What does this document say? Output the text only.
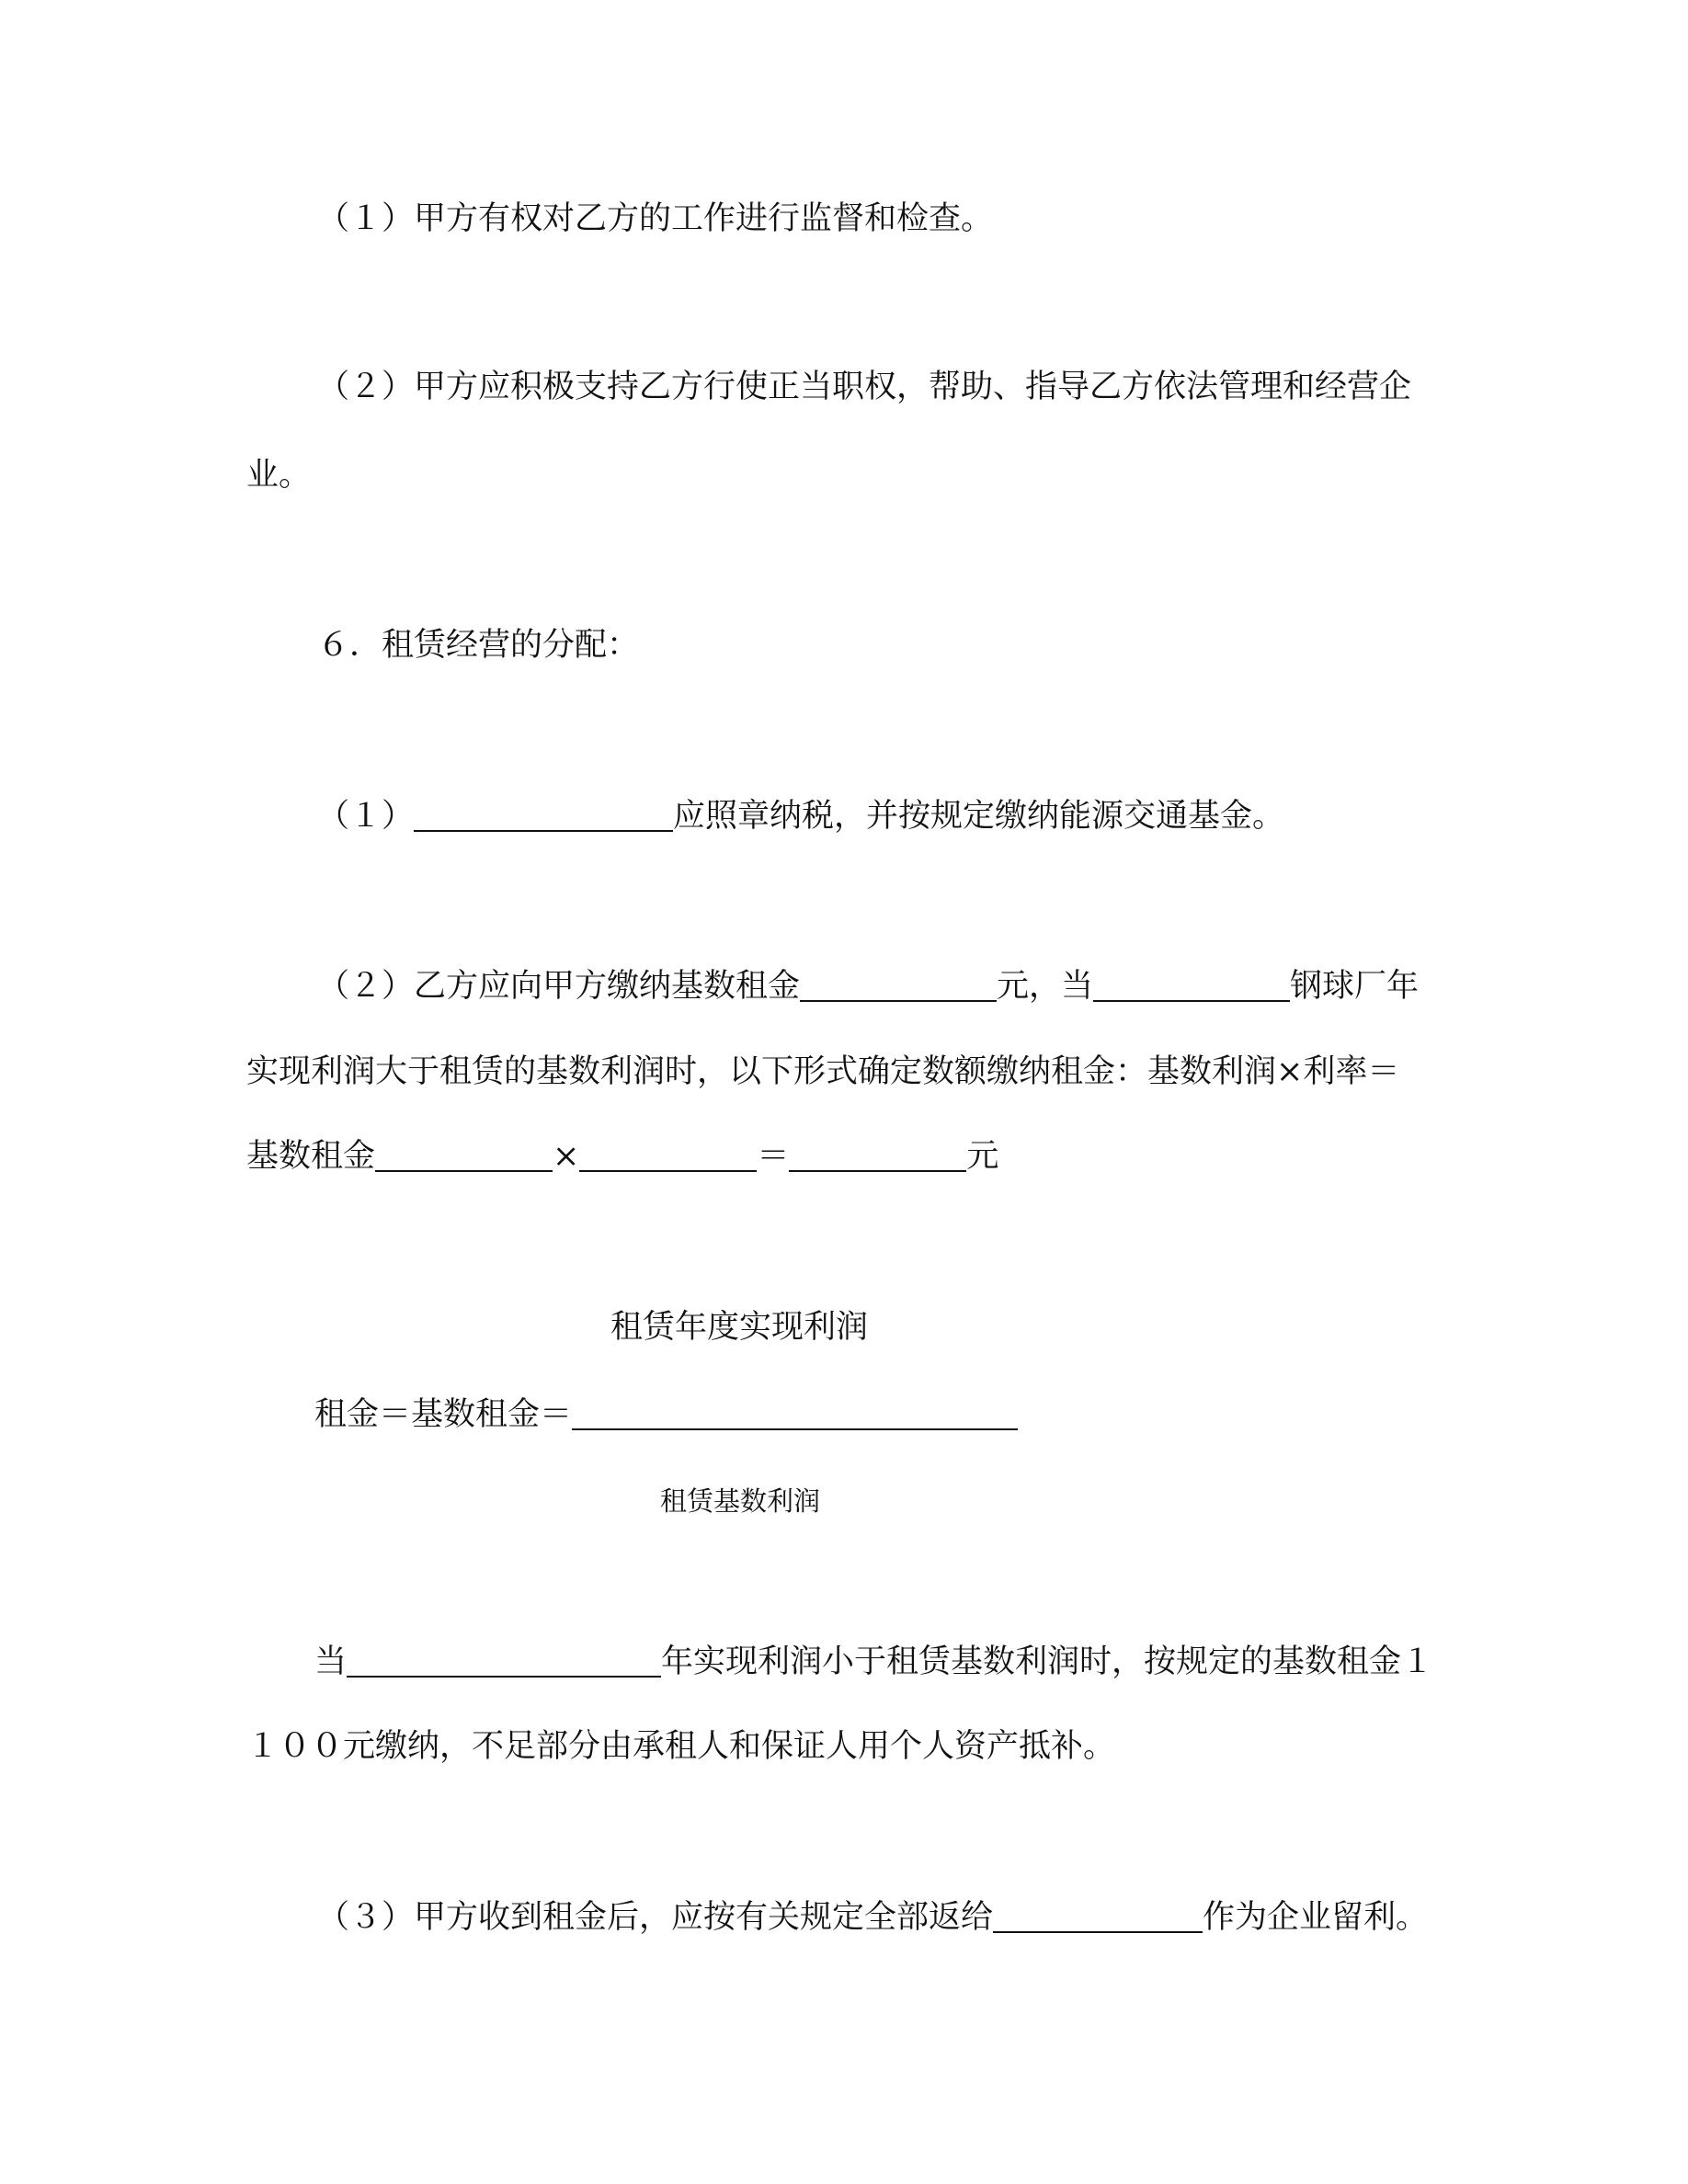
（１）甲方有权对乙方的工作进行监督和检查。
（２）甲方应积极支持乙方行使正当职权，帮助、指导乙方依法管理和经营企
业。
６．租赁经营的分配：
（１）	应照章纳税，并按规定缴纳能源交通基金。
（２）乙方应向甲方缴纳基数租金	元，当	钢球厂年
实现利润大于租赁的基数利润时，以下形式确定数额缴纳租金：基数利润×利率＝
基数租金	×	＝	元
租赁年度实现利润
租金＝基数租金＝
租赁基数利润
当	年实现利润小于租赁基数利润时，按规定的基数租金１
１００元缴纳，不足部分由承租人和保证人用个人资产抵补。
（３）甲方收到租金后，应按有关规定全部返给	作为企业留利。
